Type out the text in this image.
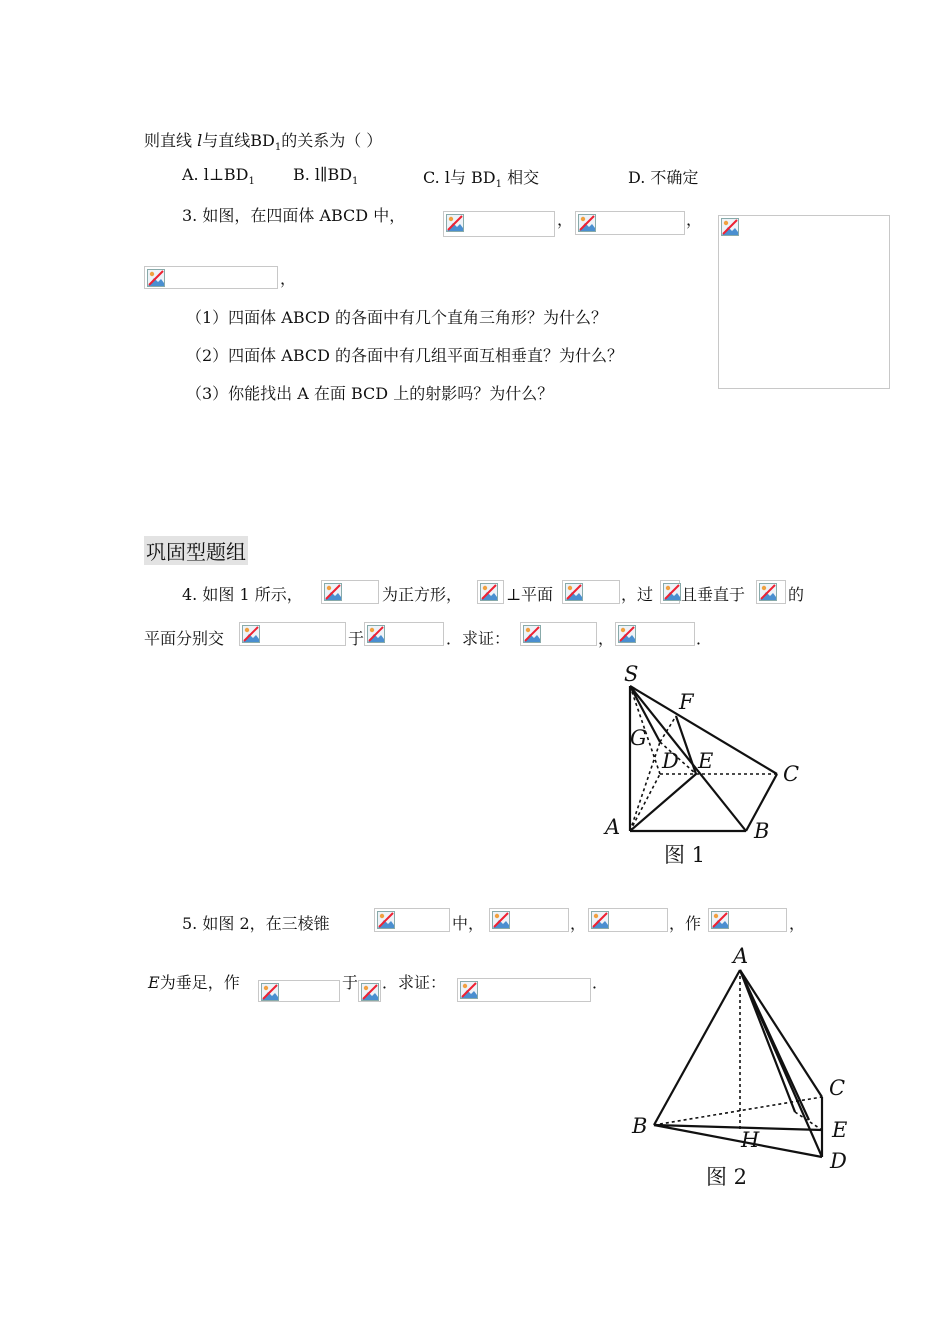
则直线 l与直线$BD_1$的关系为（ ）
A. $l\perp BD_1$ B. $l\parallel BD_1$	C. l与 $BD_1$ 相交	D. 不确定
3. 如图，在四面体 ABCD 中，	，	，
，
（1）四面体 ABCD 的各面中有几个直角三角形？为什么？
（2）四面体 ABCD 的各面中有几组平面互相垂直？为什么？
（3）你能找出 A 在面 BCD 上的射影吗？为什么？
巩固型题组
4. 如图 1 所示，	为正方形，	⊥平面	，过 且垂直于	的
平面分别交	于	．求证：	，	．
S
F
G
D E
C
A	B
图 1
5. 如图 2，在三棱锥	中，	，	，作	，
E为垂足，作	于 ．求证：	．
A
B
C
E
H
D
图 2
